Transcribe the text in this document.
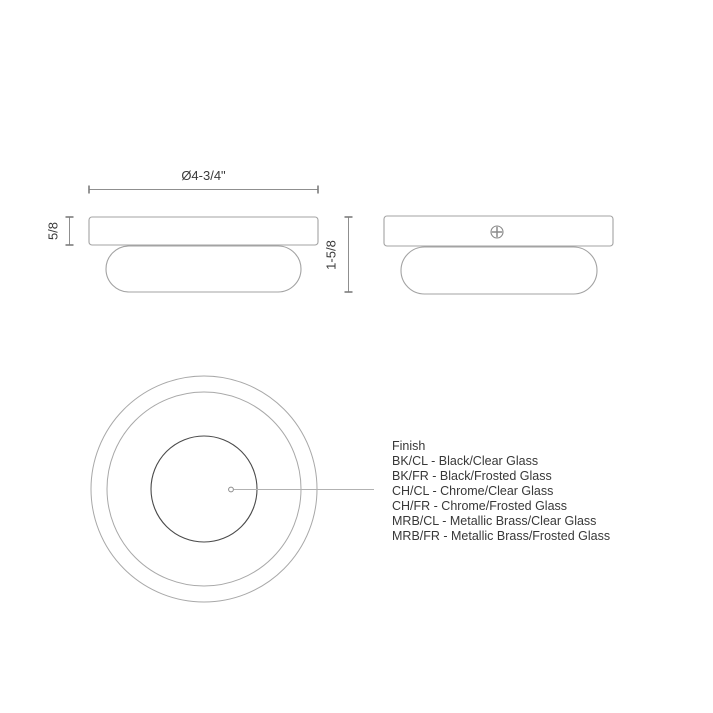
Ø4-3/4"
5/8
1-5/8
Finish
BK/CL - Black/Clear Glass
BK/FR - Black/Frosted Glass
CH/CL - Chrome/Clear Glass
CH/FR - Chrome/Frosted Glass
MRB/CL - Metallic Brass/Clear Glass
MRB/FR - Metallic Brass/Frosted Glass
